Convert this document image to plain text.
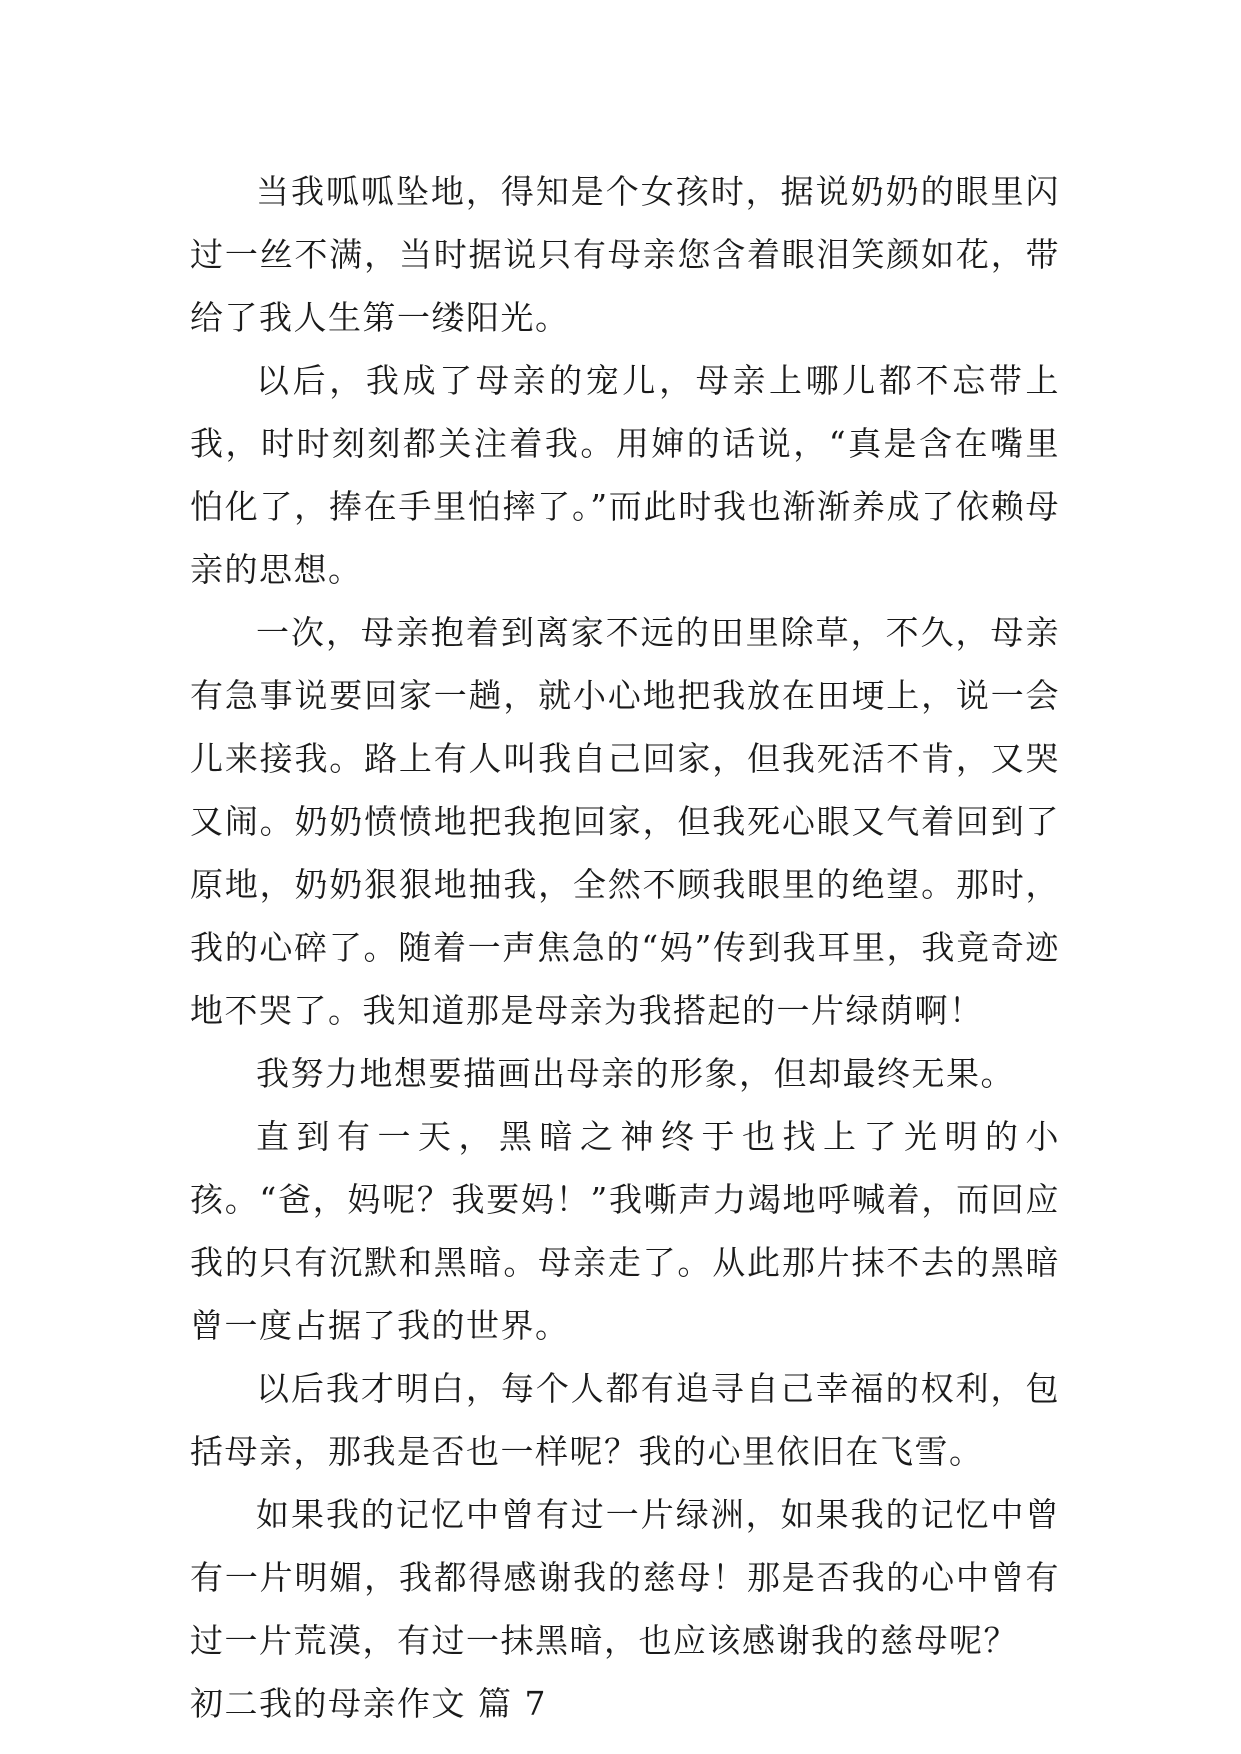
当我呱呱坠地，得知是个女孩时，据说奶奶的眼里闪过一丝不满，当时据说只有母亲您含着眼泪笑颜如花，带给了我人生第一缕阳光。

以后，我成了母亲的宠儿，母亲上哪儿都不忘带上我，时时刻刻都关注着我。用婶的话说，“真是含在嘴里怕化了，捧在手里怕摔了。”而此时我也渐渐养成了依赖母亲的思想。

一次，母亲抱着到离家不远的田里除草，不久，母亲有急事说要回家一趟，就小心地把我放在田埂上，说一会儿来接我。路上有人叫我自己回家，但我死活不肯，又哭又闹。奶奶愤愤地把我抱回家，但我死心眼又气着回到了原地，奶奶狠狠地抽我，全然不顾我眼里的绝望。那时，我的心碎了。随着一声焦急的“妈”传到我耳里，我竟奇迹地不哭了。我知道那是母亲为我搭起的一片绿荫啊！

我努力地想要描画出母亲的形象，但却最终无果。

直到有一天，黑暗之神终于也找上了光明的小孩。“爸，妈呢？我要妈！”我嘶声力竭地呼喊着，而回应我的只有沉默和黑暗。母亲走了。从此那片抹不去的黑暗曾一度占据了我的世界。

以后我才明白，每个人都有追寻自己幸福的权利，包括母亲，那我是否也一样呢？我的心里依旧在飞雪。

如果我的记忆中曾有过一片绿洲，如果我的记忆中曾有一片明媚，我都得感谢我的慈母！那是否我的心中曾有过一片荒漠，有过一抹黑暗，也应该感谢我的慈母呢？

初二我的母亲作文 篇 7
